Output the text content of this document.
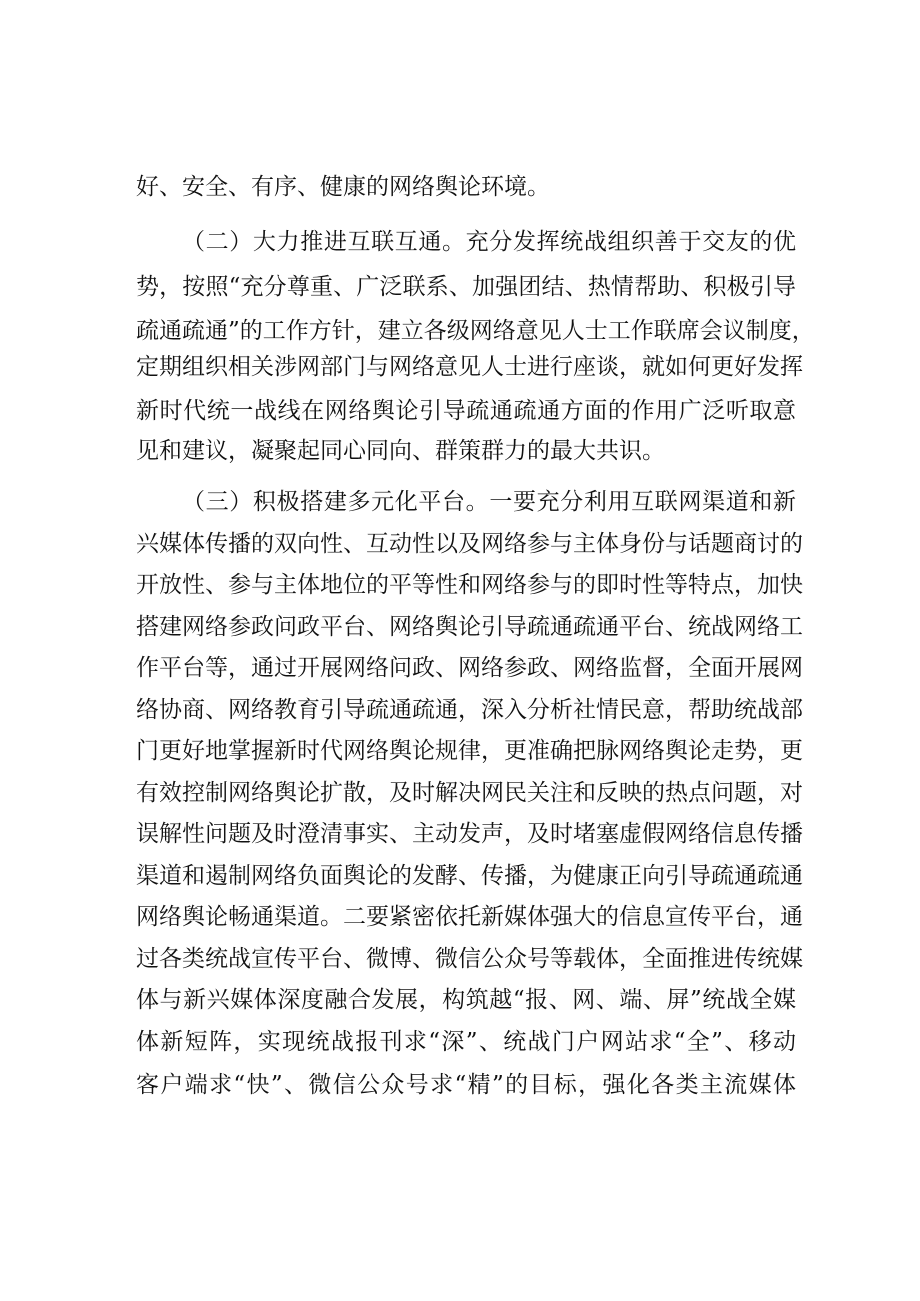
好、安全、有序、健康的网络舆论环境。
（二）大力推进互联互通。充分发挥统战组织善于交友的优
势，按照“充分尊重、广泛联系、加强团结、热情帮助、积极引导
疏通疏通”的工作方针，建立各级网络意见人士工作联席会议制度，
定期组织相关涉网部门与网络意见人士进行座谈，就如何更好发挥
新时代统一战线在网络舆论引导疏通疏通方面的作用广泛听取意
见和建议，凝聚起同心同向、群策群力的最大共识。
（三）积极搭建多元化平台。一要充分利用互联网渠道和新
兴媒体传播的双向性、互动性以及网络参与主体身份与话题商讨的
开放性、参与主体地位的平等性和网络参与的即时性等特点，加快
搭建网络参政问政平台、网络舆论引导疏通疏通平台、统战网络工
作平台等，通过开展网络问政、网络参政、网络监督，全面开展网
络协商、网络教育引导疏通疏通，深入分析社情民意，帮助统战部
门更好地掌握新时代网络舆论规律，更准确把脉网络舆论走势，更
有效控制网络舆论扩散，及时解决网民关注和反映的热点问题，对
误解性问题及时澄清事实、主动发声，及时堵塞虚假网络信息传播
渠道和遏制网络负面舆论的发酵、传播，为健康正向引导疏通疏通
网络舆论畅通渠道。二要紧密依托新媒体强大的信息宣传平台，通
过各类统战宣传平台、微博、微信公众号等载体，全面推进传统媒
体与新兴媒体深度融合发展，构筑越“报、网、端、屏”统战全媒
体新短阵，实现统战报刊求“深”、统战门户网站求“全”、移动
客户端求“快”、微信公众号求“精”的目标，强化各类主流媒体
